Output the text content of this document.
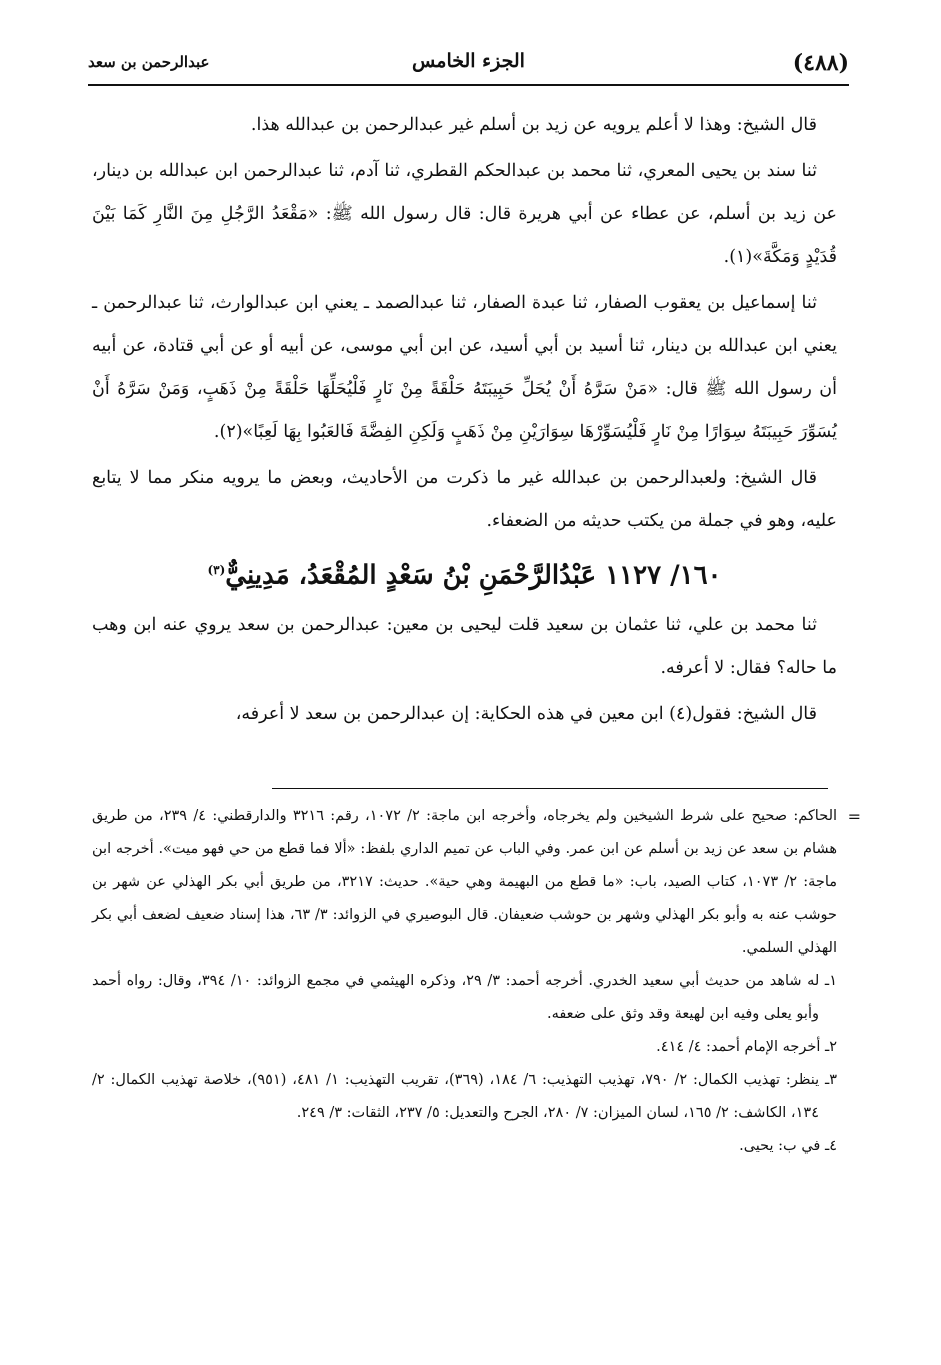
(٤٨٨)
الجزء الخامس
عبدالرحمن بن سعد

قال الشيخ: وهذا لا أعلم يرويه عن زيد بن أسلم غير عبدالرحمن بن عبدالله هذا.

ثنا سند بن يحيى المعري، ثنا محمد بن عبدالحكم القطري، ثنا آدم، ثنا عبدالرحمن ابن عبدالله بن دينار، عن زيد بن أسلم، عن عطاء عن أبي هريرة قال: قال رسول الله ﷺ: «مَقْعَدُ الرَّجُلِ مِنَ النَّارِ كَمَا بَيْنَ قُدَيْدٍ وَمَكَّةَ»(١).

ثنا إسماعيل بن يعقوب الصفار، ثنا عبدة الصفار، ثنا عبدالصمد ـ يعني ابن عبدالوارث، ثنا عبدالرحمن ـ يعني ابن عبدالله بن دينار، ثنا أسيد بن أبي أسيد، عن ابن أبي موسى، عن أبيه أو عن أبي قتادة، عن أبيه أن رسول الله ﷺ قال: «مَنْ سَرَّهُ أَنْ يُحَلِّ حَبِيبَتَهُ حَلْقَةً مِنْ نَارٍ فَلْيُحَلِّهَا حَلْقَةً مِنْ ذَهَبٍ، وَمَنْ سَرَّهُ أَنْ يُسَوِّرَ حَبِيبَتَهُ سِوَارًا مِنْ نَارٍ فَلْيُسَوِّرْهَا سِوَارَيْنِ مِنْ ذَهَبٍ وَلَكِنِ الفِضَّةَ فَالعَبُوا بِهَا لَعِبًا»(٢).

قال الشيخ: ولعبدالرحمن بن عبدالله غير ما ذكرت من الأحاديث، وبعض ما يرويه منكر مما لا يتابع عليه، وهو في جملة من يكتب حديثه من الضعفاء.

١٦٠/ ١١٢٧ عَبْدُالرَّحْمَنِ بْنُ سَعْدٍ المُقْعَدُ، مَدِينِيٌّ$^{(٣)}$

ثنا محمد بن علي، ثنا عثمان بن سعيد قلت ليحيى بن معين: عبدالرحمن بن سعد يروي عنه ابن وهب ما حاله؟ فقال: لا أعرفه.

قال الشيخ: فقول(٤) ابن معين في هذه الحكاية: إن عبدالرحمن بن سعد لا أعرفه،

=
الحاكم: صحيح على شرط الشيخين ولم يخرجاه، وأخرجه ابن ماجة: ٢/ ١٠٧٢، رقم: ٣٢١٦ والدارقطني: ٤/ ٢٣٩، من طريق هشام بن سعد عن زيد بن أسلم عن ابن عمر. وفي الباب عن تميم الداري بلفظ: «ألا فما قطع من حي فهو ميت». أخرجه ابن ماجة: ٢/ ١٠٧٣، كتاب الصيد، باب: «ما قطع من البهيمة وهي حية». حديث: ٣٢١٧، من طريق أبي بكر الهذلي عن شهر بن حوشب عنه به وأبو بكر الهذلي وشهر بن حوشب ضعيفان. قال البوصيري في الزوائد: ٣/ ٦٣، هذا إسناد ضعيف لضعف أبي بكر الهذلي السلمي.

١ـ له شاهد من حديث أبي سعيد الخدري. أخرجه أحمد: ٣/ ٢٩، وذكره الهيثمي في مجمع الزوائد: ١٠/ ٣٩٤، وقال: رواه أحمد وأبو يعلى وفيه ابن لهيعة وقد وثق على ضعفه.

٢ـ أخرجه الإمام أحمد: ٤/ ٤١٤.

٣ـ ينظر: تهذيب الكمال: ٢/ ٧٩٠، تهذيب التهذيب: ٦/ ١٨٤، (٣٦٩)، تقريب التهذيب: ١/ ٤٨١، (٩٥١)، خلاصة تهذيب الكمال: ٢/ ١٣٤، الكاشف: ٢/ ١٦٥، لسان الميزان: ٧/ ٢٨٠، الجرح والتعديل: ٥/ ٢٣٧، الثقات: ٣/ ٢٤٩.

٤ـ في ب: يحيى.
